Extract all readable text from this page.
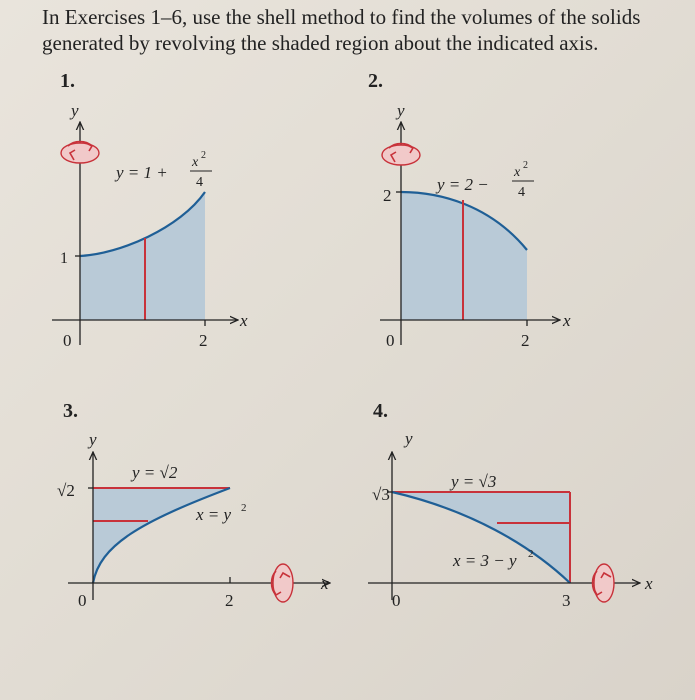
In Exercises 1–6, use the shell method to find the volumes of the solids generated by revolving the shaded region about the indicated axis.

1.	2.
3.	4.
y
x
1
2
0
y = 1 +
x 2
4
y
x
2
2
0
y = 2 −
x 2
4
y
x
√2
2
0
y = √2
x = y 2
y
x
√3
3
0
y = √3
x = 3 − y 2
